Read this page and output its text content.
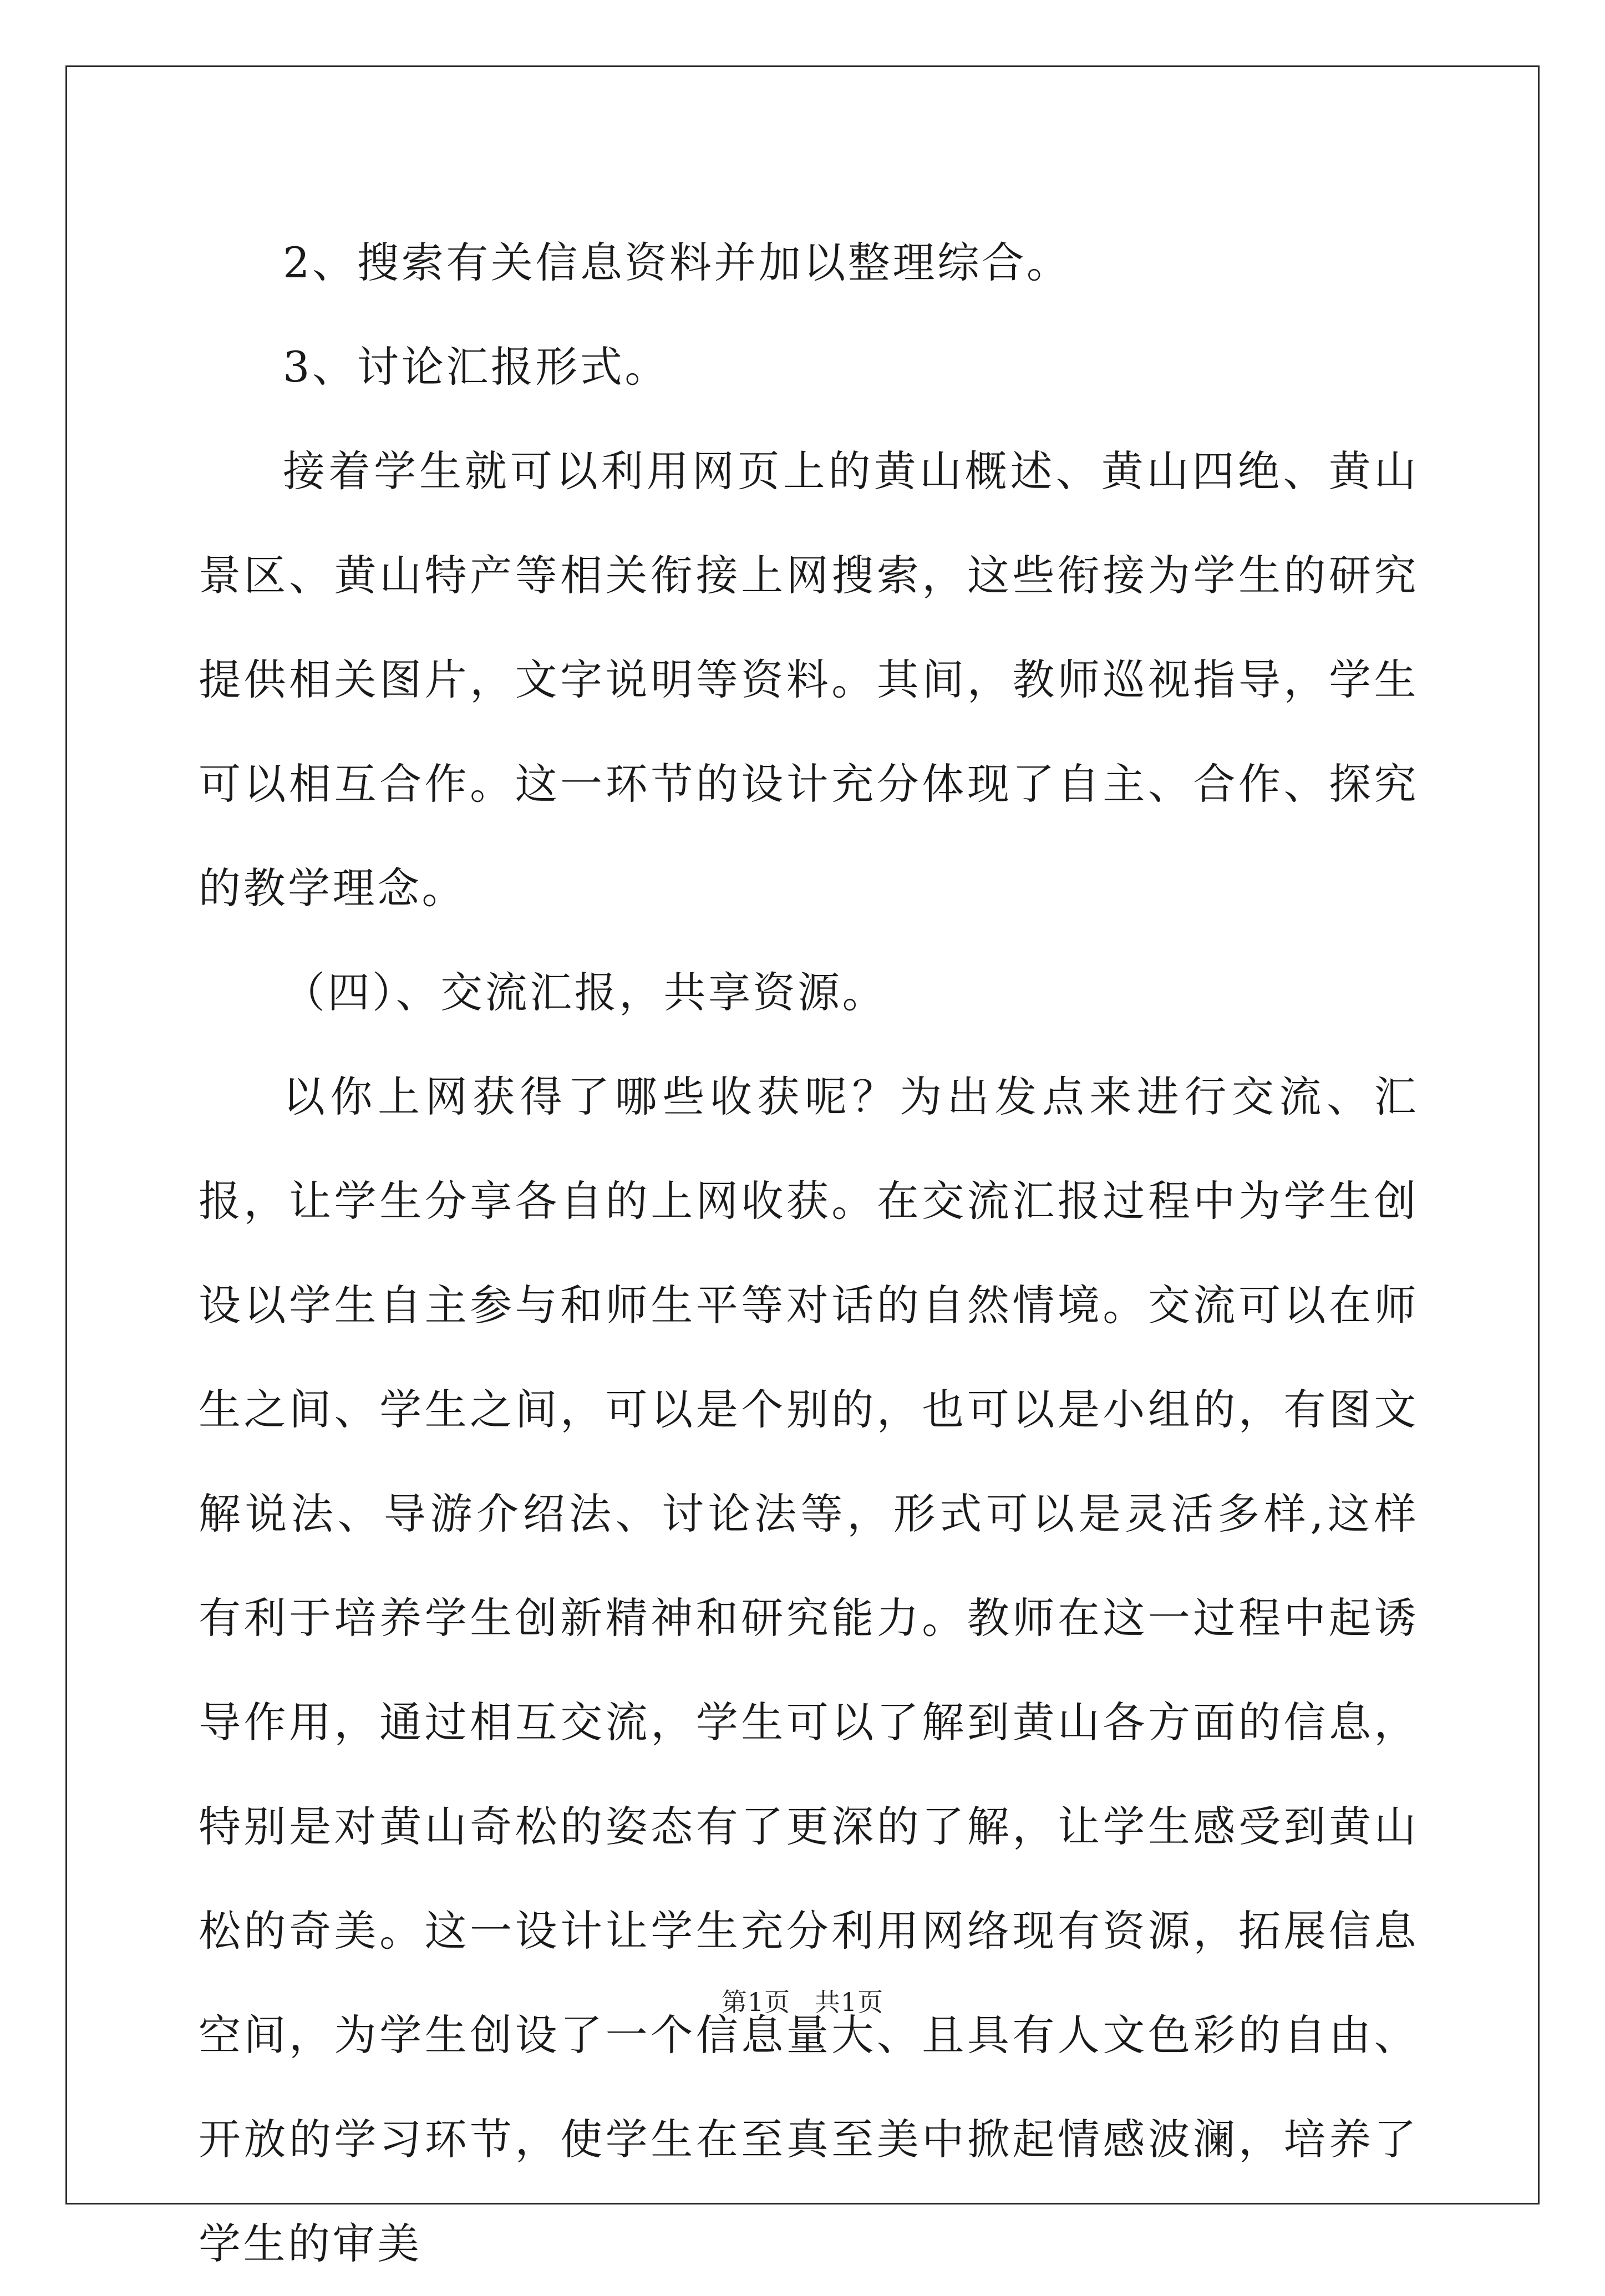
2、搜索有关信息资料并加以整理综合。

3、讨论汇报形式。

接着学生就可以利用网页上的黄山概述、黄山四绝、黄山景区、黄山特产等相关衔接上网搜索，这些衔接为学生的研究提供相关图片，文字说明等资料。其间，教师巡视指导，学生可以相互合作。这一环节的设计充分体现了自主、合作、探究的教学理念。

（四）、交流汇报，共享资源。

以你上网获得了哪些收获呢？为出发点来进行交流、汇报，让学生分享各自的上网收获。在交流汇报过程中为学生创设以学生自主参与和师生平等对话的自然情境。交流可以在师生之间、学生之间，可以是个别的，也可以是小组的，有图文解说法、导游介绍法、讨论法等，形式可以是灵活多样,这样有利于培养学生创新精神和研究能力。教师在这一过程中起诱导作用，通过相互交流，学生可以了解到黄山各方面的信息，特别是对黄山奇松的姿态有了更深的了解，让学生感受到黄山松的奇美。这一设计让学生充分利用网络现有资源，拓展信息空间，为学生创设了一个信息量大、且具有人文色彩的自由、开放的学习环节，使学生在至真至美中掀起情感波澜，培养了学生的审美

第1页 共1页
